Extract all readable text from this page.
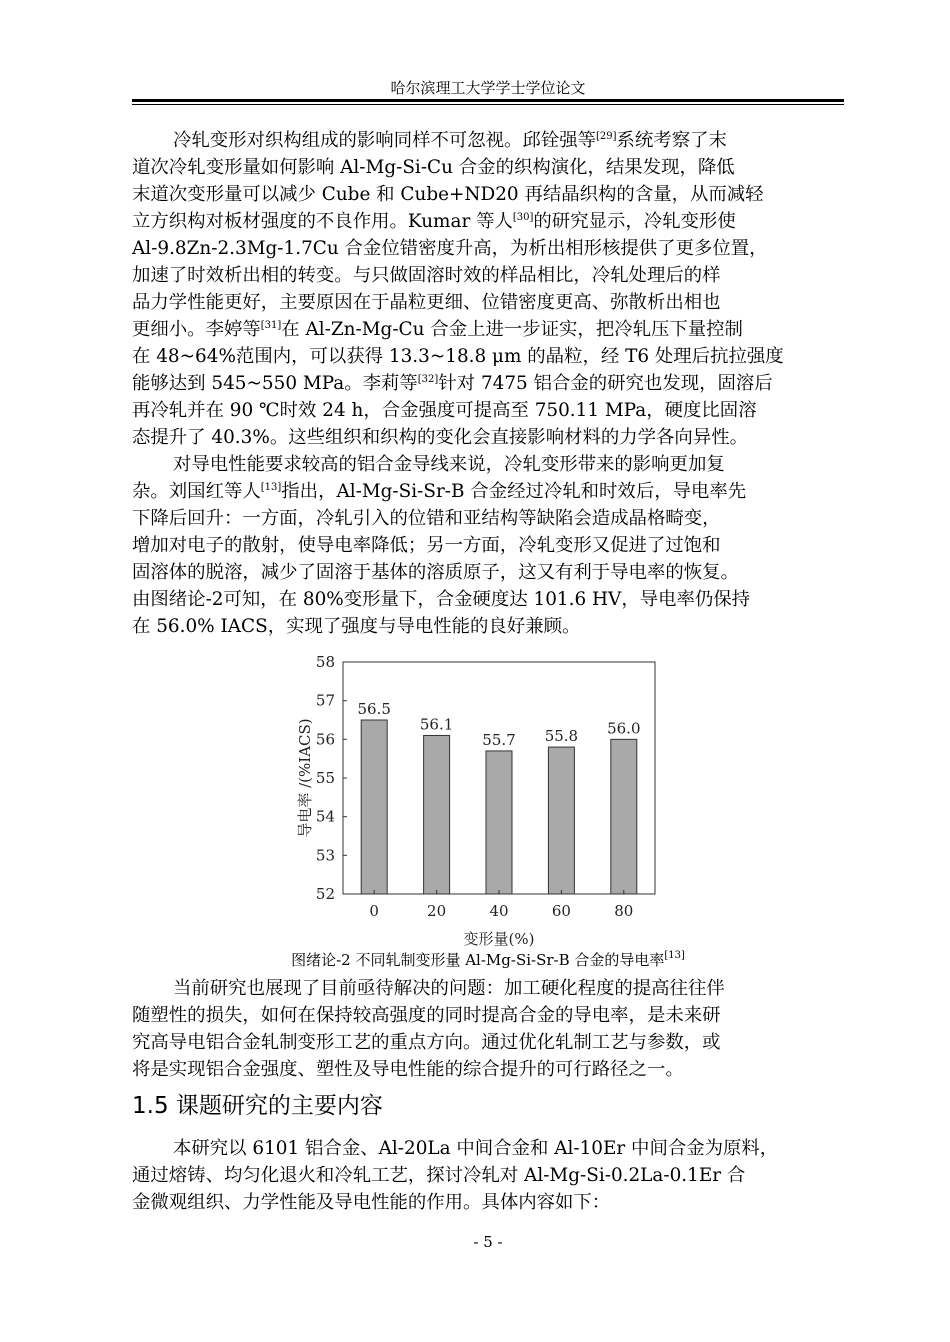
哈尔滨理工大学学士学位论文
冷轧变形对织构组成的影响同样不可忽视。邱铨强等[29]系统考察了末
道次冷轧变形量如何影响 Al-Mg-Si-Cu 合金的织构演化，结果发现，降低
末道次变形量可以减少 Cube 和 Cube+ND20 再结晶织构的含量，从而减轻
立方织构对板材强度的不良作用。Kumar 等人[30]的研究显示，冷轧变形使
Al-9.8Zn-2.3Mg-1.7Cu 合金位错密度升高，为析出相形核提供了更多位置，
加速了时效析出相的转变。与只做固溶时效的样品相比，冷轧处理后的样
品力学性能更好，主要原因在于晶粒更细、位错密度更高、弥散析出相也
更细小。李婷等[31]在 Al-Zn-Mg-Cu 合金上进一步证实，把冷轧压下量控制
在 48~64%范围内，可以获得 13.3~18.8 μm 的晶粒，经 T6 处理后抗拉强度
能够达到 545~550 MPa。李莉等[32]针对 7475 铝合金的研究也发现，固溶后
再冷轧并在 90 ℃时效 24 h，合金强度可提高至 750.11 MPa，硬度比固溶
态提升了 40.3%。这些组织和织构的变化会直接影响材料的力学各向异性。
对导电性能要求较高的铝合金导线来说，冷轧变形带来的影响更加复
杂。刘国红等人[13]指出，Al-Mg-Si-Sr-B 合金经过冷轧和时效后，导电率先
下降后回升：一方面，冷轧引入的位错和亚结构等缺陷会造成晶格畸变，
增加对电子的散射，使导电率降低；另一方面，冷轧变形又促进了过饱和
固溶体的脱溶，减少了固溶于基体的溶质原子，这又有利于导电率的恢复。
由图绪论-2可知，在 80%变形量下，合金硬度达 101.6 HV，导电率仍保持
在 56.0% IACS，实现了强度与导电性能的良好兼顾。
56.5
0
56.1
20
55.7
40
55.8
60
56.0
80
52
53
54
55
56
57
58
变形量(%)
导电率 /(%IACS)
图绪论-2 不同轧制变形量 Al-Mg-Si-Sr-B 合金的导电率[13]
当前研究也展现了目前亟待解决的问题：加工硬化程度的提高往往伴
随塑性的损失，如何在保持较高强度的同时提高合金的导电率，是未来研
究高导电铝合金轧制变形工艺的重点方向。通过优化轧制工艺与参数，或
将是实现铝合金强度、塑性及导电性能的综合提升的可行路径之一。
1.5 课题研究的主要内容
本研究以 6101 铝合金、Al-20La 中间合金和 Al-10Er 中间合金为原料，
通过熔铸、均匀化退火和冷轧工艺，探讨冷轧对 Al-Mg-Si-0.2La-0.1Er 合
金微观组织、力学性能及导电性能的作用。具体内容如下：
- 5 -
